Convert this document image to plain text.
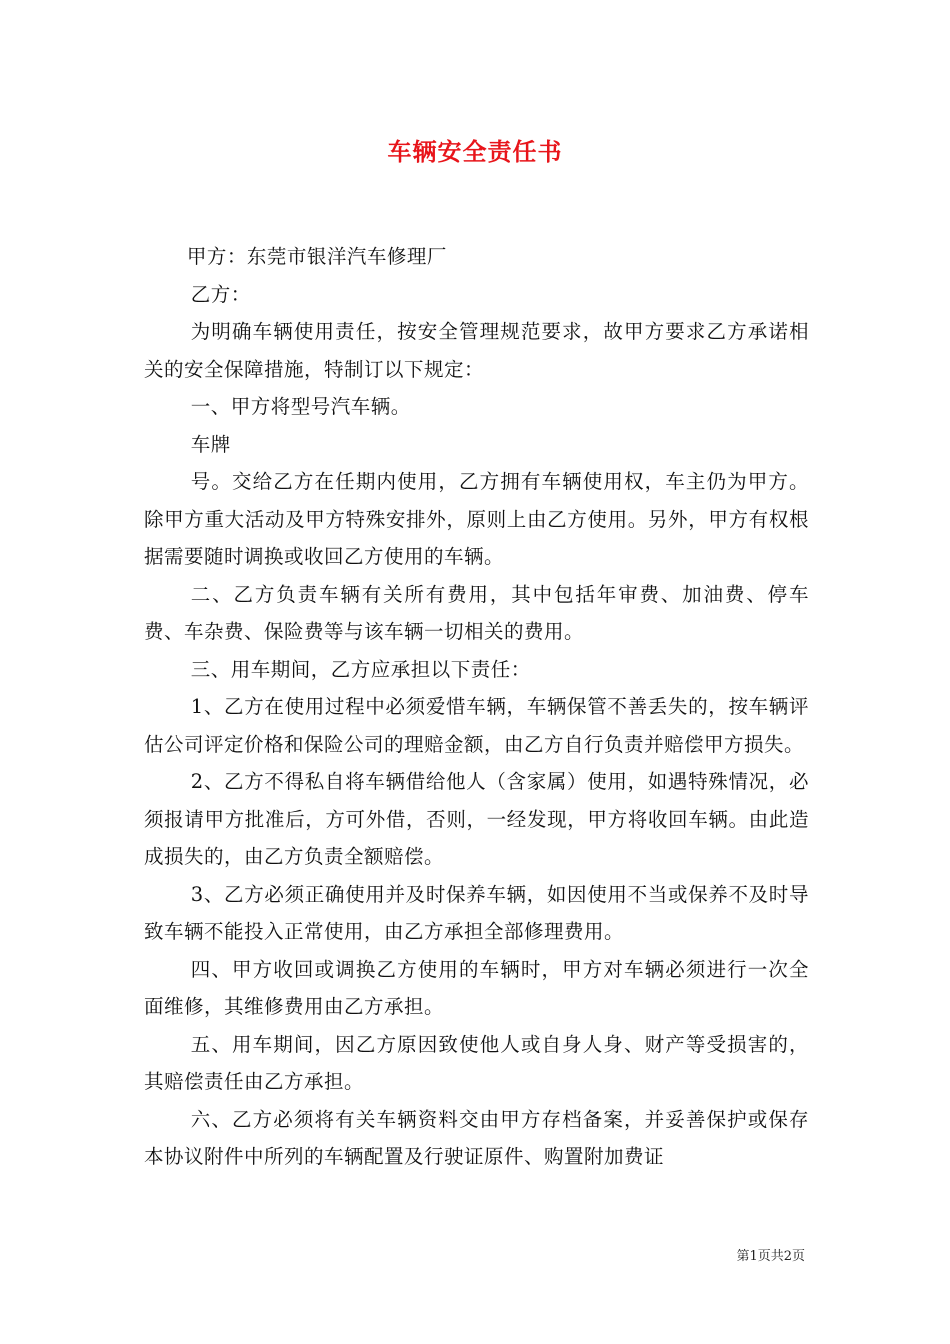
车辆安全责任书

甲方：东莞市银洋汽车修理厂

乙方：

为明确车辆使用责任，按安全管理规范要求，故甲方要求乙方承诺相关的安全保障措施，特制订以下规定：

一、甲方将型号汽车辆。

车牌

号。交给乙方在任期内使用，乙方拥有车辆使用权，车主仍为甲方。除甲方重大活动及甲方特殊安排外，原则上由乙方使用。另外，甲方有权根据需要随时调换或收回乙方使用的车辆。

二、乙方负责车辆有关所有费用，其中包括年审费、加油费、停车费、车杂费、保险费等与该车辆一切相关的费用。

三、用车期间，乙方应承担以下责任：

1、乙方在使用过程中必须爱惜车辆，车辆保管不善丢失的，按车辆评估公司评定价格和保险公司的理赔金额，由乙方自行负责并赔偿甲方损失。

2、乙方不得私自将车辆借给他人（含家属）使用，如遇特殊情况，必须报请甲方批准后，方可外借，否则，一经发现，甲方将收回车辆。由此造成损失的，由乙方负责全额赔偿。

3、乙方必须正确使用并及时保养车辆，如因使用不当或保养不及时导致车辆不能投入正常使用，由乙方承担全部修理费用。

四、甲方收回或调换乙方使用的车辆时，甲方对车辆必须进行一次全面维修，其维修费用由乙方承担。

五、用车期间，因乙方原因致使他人或自身人身、财产等受损害的，其赔偿责任由乙方承担。

六、乙方必须将有关车辆资料交由甲方存档备案，并妥善保护或保存本协议附件中所列的车辆配置及行驶证原件、购置附加费证

第1页共2页
